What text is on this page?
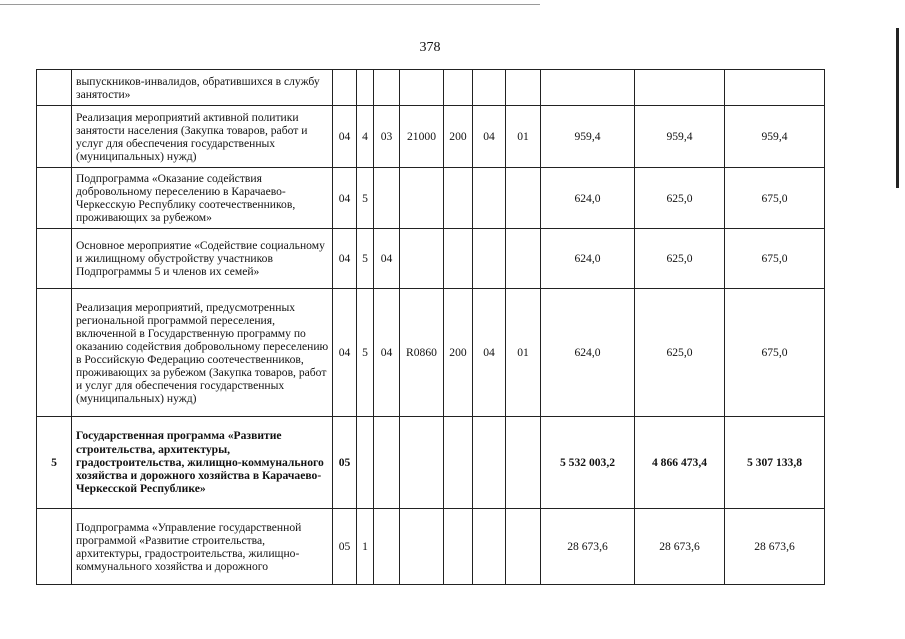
378
	выпускников-инвалидов, обратившихся в службу занятости»										
	Реализация мероприятий активной политики занятости населения (Закупка товаров, работ и услуг для обеспечения государственных (муниципальных) нужд)	04	4	03	21000	200	04	01	959,4	959,4	959,4
	Подпрограмма «Оказание содействия добровольному переселению в Карачаево-Черкесскую Республику соотечественников, проживающих за рубежом»	04	5						624,0	625,0	675,0
	Основное мероприятие «Содействие социальному и жилищному обустройству участников Подпрограммы 5 и членов их семей»	04	5	04					624,0	625,0	675,0
	Реализация мероприятий, предусмотренных региональной программой переселения, включенной в Государственную программу по оказанию содействия добровольному переселению в Российскую Федерацию соотечественников, проживающих за рубежом (Закупка товаров, работ и услуг для обеспечения государственных (муниципальных) нужд)	04	5	04	R0860	200	04	01	624,0	625,0	675,0
5	Государственная программа «Развитие строительства, архитектуры, градостроительства, жилищно-коммунального хозяйства и дорожного хозяйства в Карачаево-Черкесской Республике»	05							5 532 003,2	4 866 473,4	5 307 133,8
	Подпрограмма «Управление государственной программой «Развитие строительства, архитектуры, градостроительства, жилищно-коммунального хозяйства и дорожного	05	1						28 673,6	28 673,6	28 673,6
